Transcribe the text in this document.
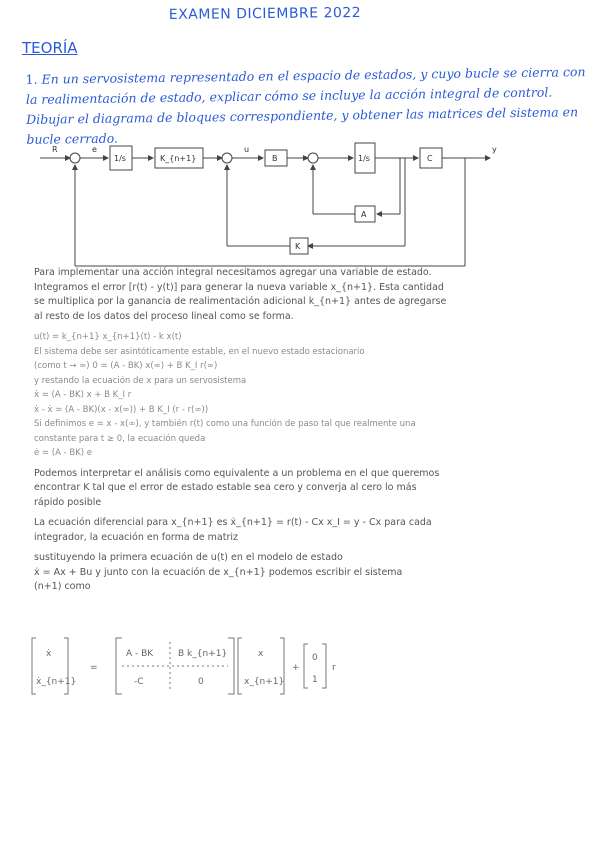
EXAMEN DICIEMBRE 2022
TEORÍA
1. En un servosistema representado en el espacio de estados, y cuyo bucle se cierra con la realimentación de estado, explicar cómo se incluye la acción integral de control. Dibujar el diagrama de bloques correspondiente, y obtener las matrices del sistema en bucle cerrado.
R	e
1/s	K_{n+1}
u
B	1/s	C
y
A
K
Para implementar una acción integral necesitamos agregar una variable de estado.
Integramos el error [r(t) - y(t)] para generar la nueva variable x_{n+1}. Esta cantidad
se multiplica por la ganancia de realimentación adicional k_{n+1} antes de agregarse
al resto de los datos del proceso lineal como se forma.
u(t) = k_{n+1} x_{n+1}(t) - k x(t)
El sistema debe ser asintóticamente estable, en el nuevo estado estacionario
(como t → ∞) 0 = (A - BK) x(∞) + B K_I r(∞)
y restando la ecuación de x para un servosistema
ẋ = (A - BK) x + B K_I r
ẋ - ẋ = (A - BK)(x - x(∞)) + B K_I (r - r(∞))
Si definimos e = x - x(∞), y también r(t) como una función de paso tal que realmente una
constante para t ≥ 0, la ecuación queda
ė = (A - BK) e
Podemos interpretar el análisis como equivalente a un problema en el que queremos
encontrar K tal que el error de estado estable sea cero y converja al cero lo más
rápido posible
La ecuación diferencial para x_{n+1} es ẋ_{n+1} = r(t) - Cx x_I = y - Cx para cada
integrador, la ecuación en forma de matriz
sustituyendo la primera ecuación de u(t) en el modelo de estado
ẋ = Ax + Bu y junto con la ecuación de x_{n+1} podemos escribir el sistema
(n+1) como
ẋ
ẋ_{n+1}
=
A - BK	B k_{n+1}
-C	0
x
x_{n+1}
+
0
1
r
